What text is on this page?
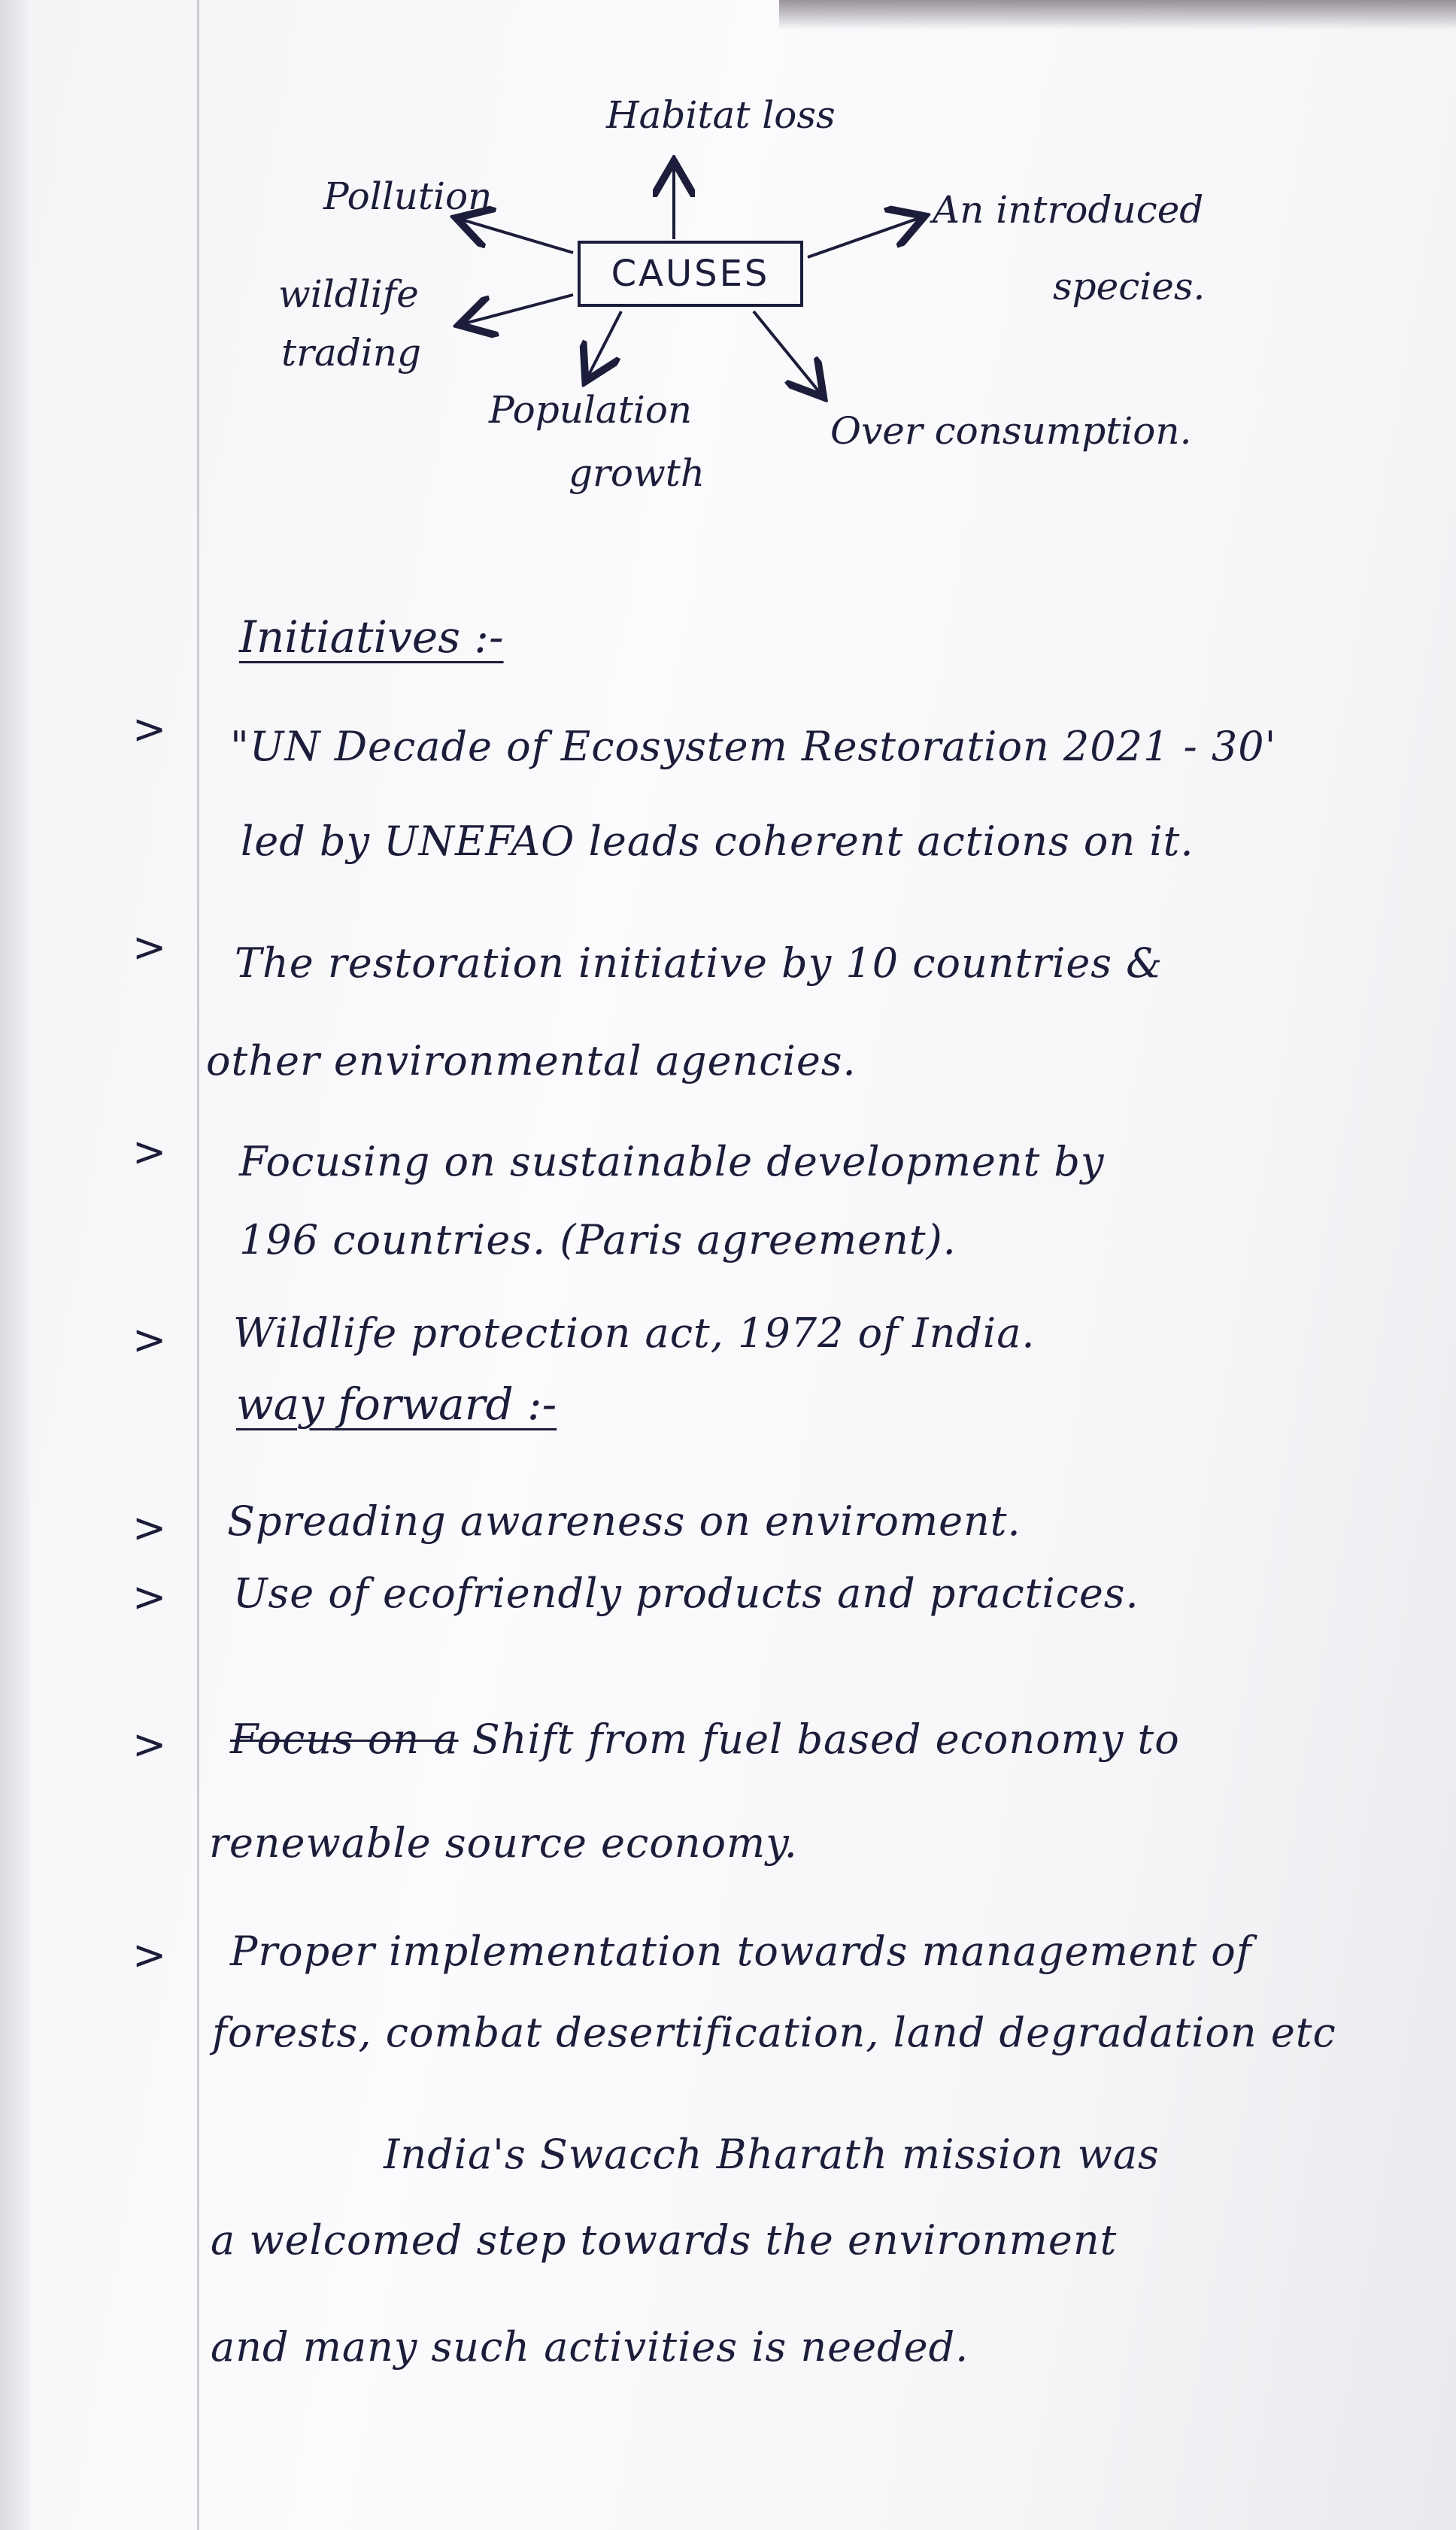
CAUSES
Habitat loss
Pollution	An introduced
species.
wildlife
trading
Population
growth
Over consumption.
Initiatives :-
> "UN Decade of Ecosystem Restoration 2021 - 30'
led by UNEFAO leads coherent actions on it.
> The restoration initiative by 10 countries &
other environmental agencies.
> Focusing on sustainable development by
196 countries. (Paris agreement).
> Wildlife protection act, 1972 of India.
way forward :-
> Spreading awareness on enviroment.
> Use of ecofriendly products and practices.
> Focus on a Shift from fuel based economy to
renewable source economy.
> Proper implementation towards management of
forests, combat desertification, land degradation etc
India's Swacch Bharath mission was
a welcomed step towards the environment
and many such activities is needed.
